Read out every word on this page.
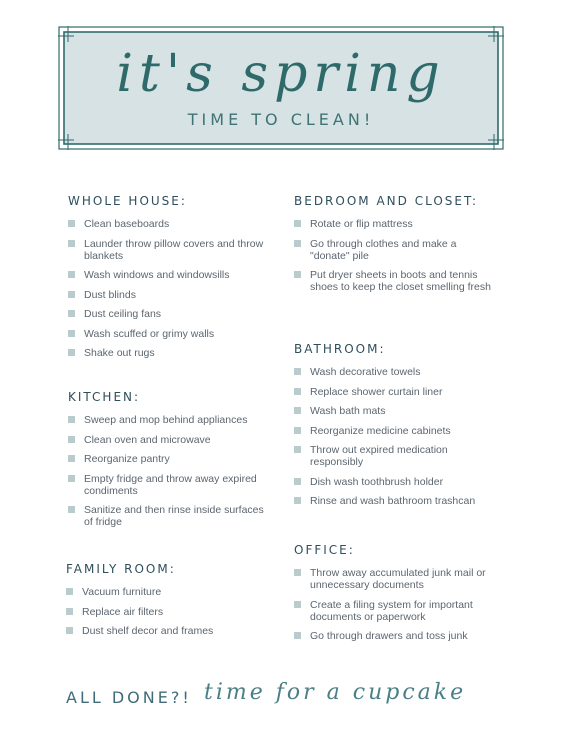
it's spring
TIME TO CLEAN!
WHOLE HOUSE:
Clean baseboards
Launder throw pillow covers and throw blankets
Wash windows and windowsills
Dust blinds
Dust ceiling fans
Wash scuffed or grimy walls
Shake out rugs
KITCHEN:
Sweep and mop behind appliances
Clean oven and microwave
Reorganize pantry
Empty fridge and throw away expired condiments
Sanitize and then rinse inside surfaces of fridge
FAMILY ROOM:
Vacuum furniture
Replace air filters
Dust shelf decor and frames
BEDROOM AND CLOSET:
Rotate or flip mattress
Go through clothes and make a "donate" pile
Put dryer sheets in boots and tennis shoes to keep the closet smelling fresh
BATHROOM:
Wash decorative towels
Replace shower curtain liner
Wash bath mats
Reorganize medicine cabinets
Throw out expired medication responsibly
Dish wash toothbrush holder
Rinse and wash bathroom trashcan
OFFICE:
Throw away accumulated junk mail or unnecessary documents
Create a filing system for important documents or paperwork
Go through drawers and toss junk
ALL DONE?! time for a cupcake
